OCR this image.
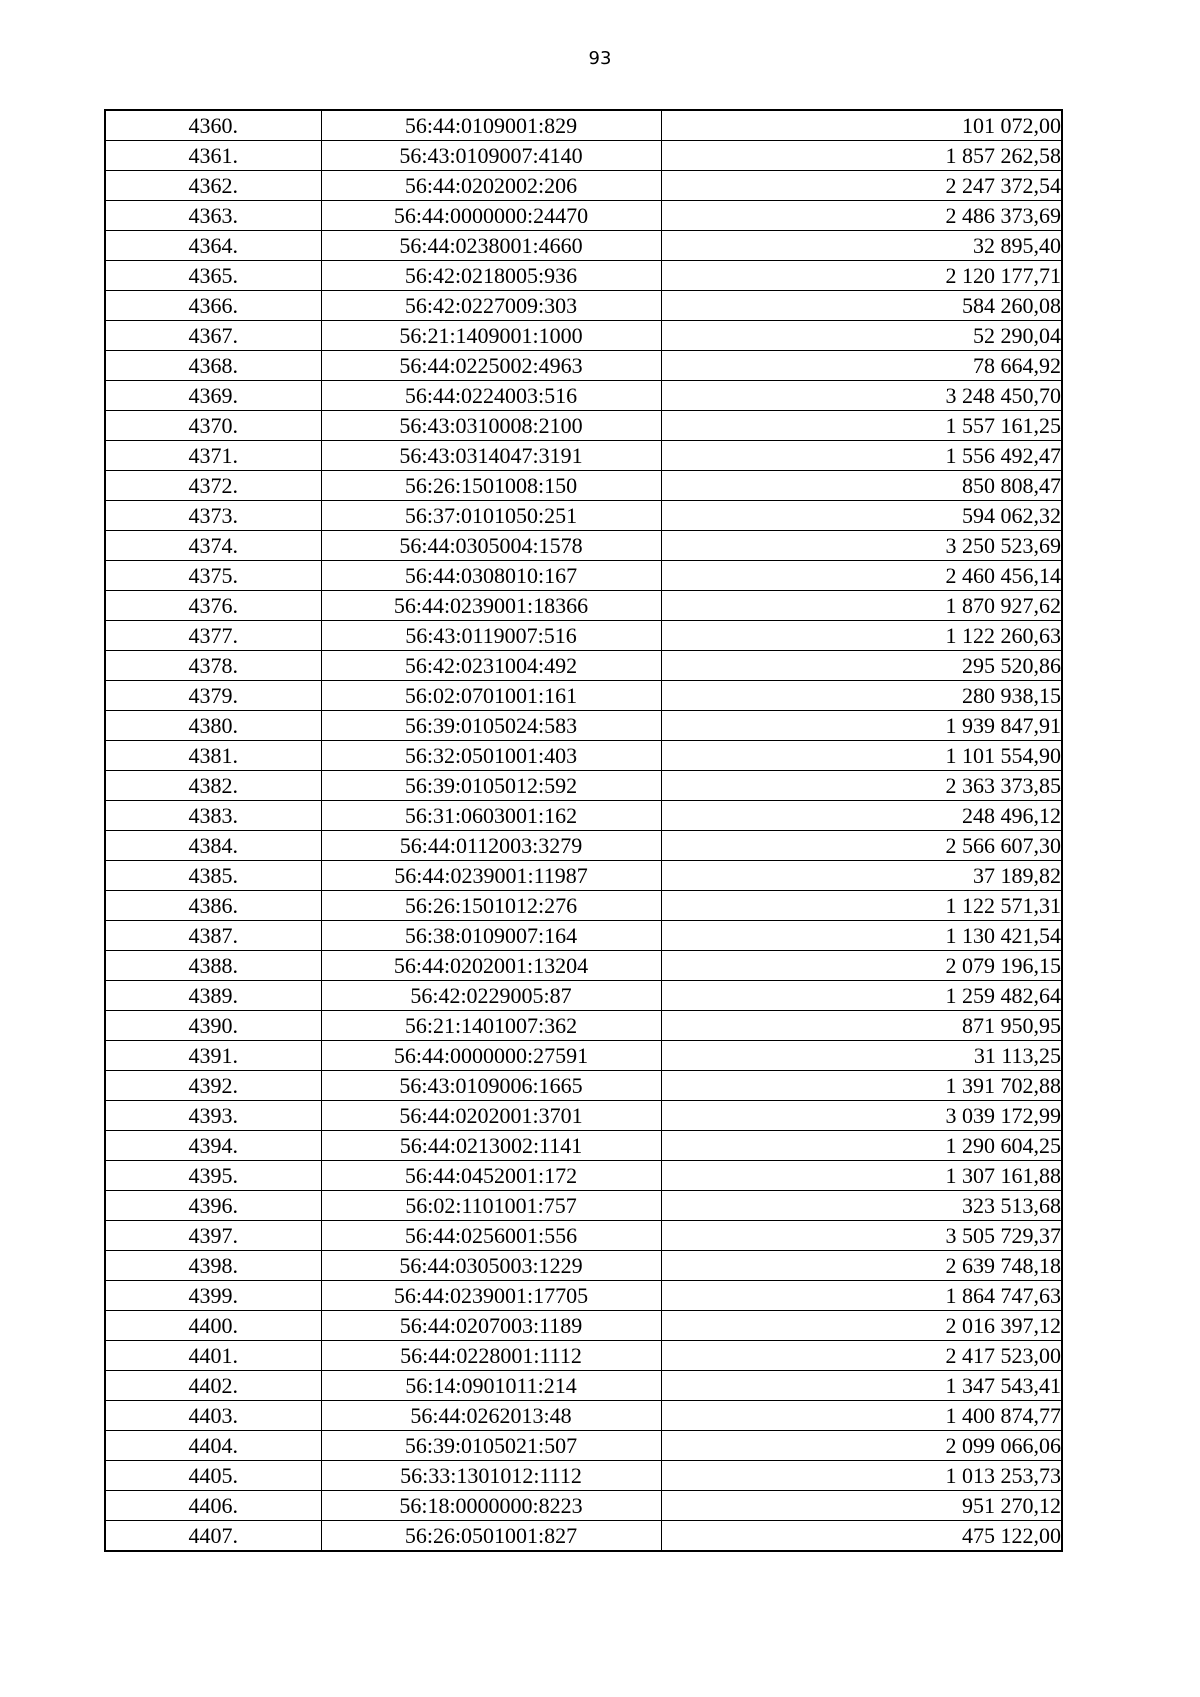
93
4360.	56:44:0109001:829	101 072,00
4361.	56:43:0109007:4140	1 857 262,58
4362.	56:44:0202002:206	2 247 372,54
4363.	56:44:0000000:24470	2 486 373,69
4364.	56:44:0238001:4660	32 895,40
4365.	56:42:0218005:936	2 120 177,71
4366.	56:42:0227009:303	584 260,08
4367.	56:21:1409001:1000	52 290,04
4368.	56:44:0225002:4963	78 664,92
4369.	56:44:0224003:516	3 248 450,70
4370.	56:43:0310008:2100	1 557 161,25
4371.	56:43:0314047:3191	1 556 492,47
4372.	56:26:1501008:150	850 808,47
4373.	56:37:0101050:251	594 062,32
4374.	56:44:0305004:1578	3 250 523,69
4375.	56:44:0308010:167	2 460 456,14
4376.	56:44:0239001:18366	1 870 927,62
4377.	56:43:0119007:516	1 122 260,63
4378.	56:42:0231004:492	295 520,86
4379.	56:02:0701001:161	280 938,15
4380.	56:39:0105024:583	1 939 847,91
4381.	56:32:0501001:403	1 101 554,90
4382.	56:39:0105012:592	2 363 373,85
4383.	56:31:0603001:162	248 496,12
4384.	56:44:0112003:3279	2 566 607,30
4385.	56:44:0239001:11987	37 189,82
4386.	56:26:1501012:276	1 122 571,31
4387.	56:38:0109007:164	1 130 421,54
4388.	56:44:0202001:13204	2 079 196,15
4389.	56:42:0229005:87	1 259 482,64
4390.	56:21:1401007:362	871 950,95
4391.	56:44:0000000:27591	31 113,25
4392.	56:43:0109006:1665	1 391 702,88
4393.	56:44:0202001:3701	3 039 172,99
4394.	56:44:0213002:1141	1 290 604,25
4395.	56:44:0452001:172	1 307 161,88
4396.	56:02:1101001:757	323 513,68
4397.	56:44:0256001:556	3 505 729,37
4398.	56:44:0305003:1229	2 639 748,18
4399.	56:44:0239001:17705	1 864 747,63
4400.	56:44:0207003:1189	2 016 397,12
4401.	56:44:0228001:1112	2 417 523,00
4402.	56:14:0901011:214	1 347 543,41
4403.	56:44:0262013:48	1 400 874,77
4404.	56:39:0105021:507	2 099 066,06
4405.	56:33:1301012:1112	1 013 253,73
4406.	56:18:0000000:8223	951 270,12
4407.	56:26:0501001:827	475 122,00
